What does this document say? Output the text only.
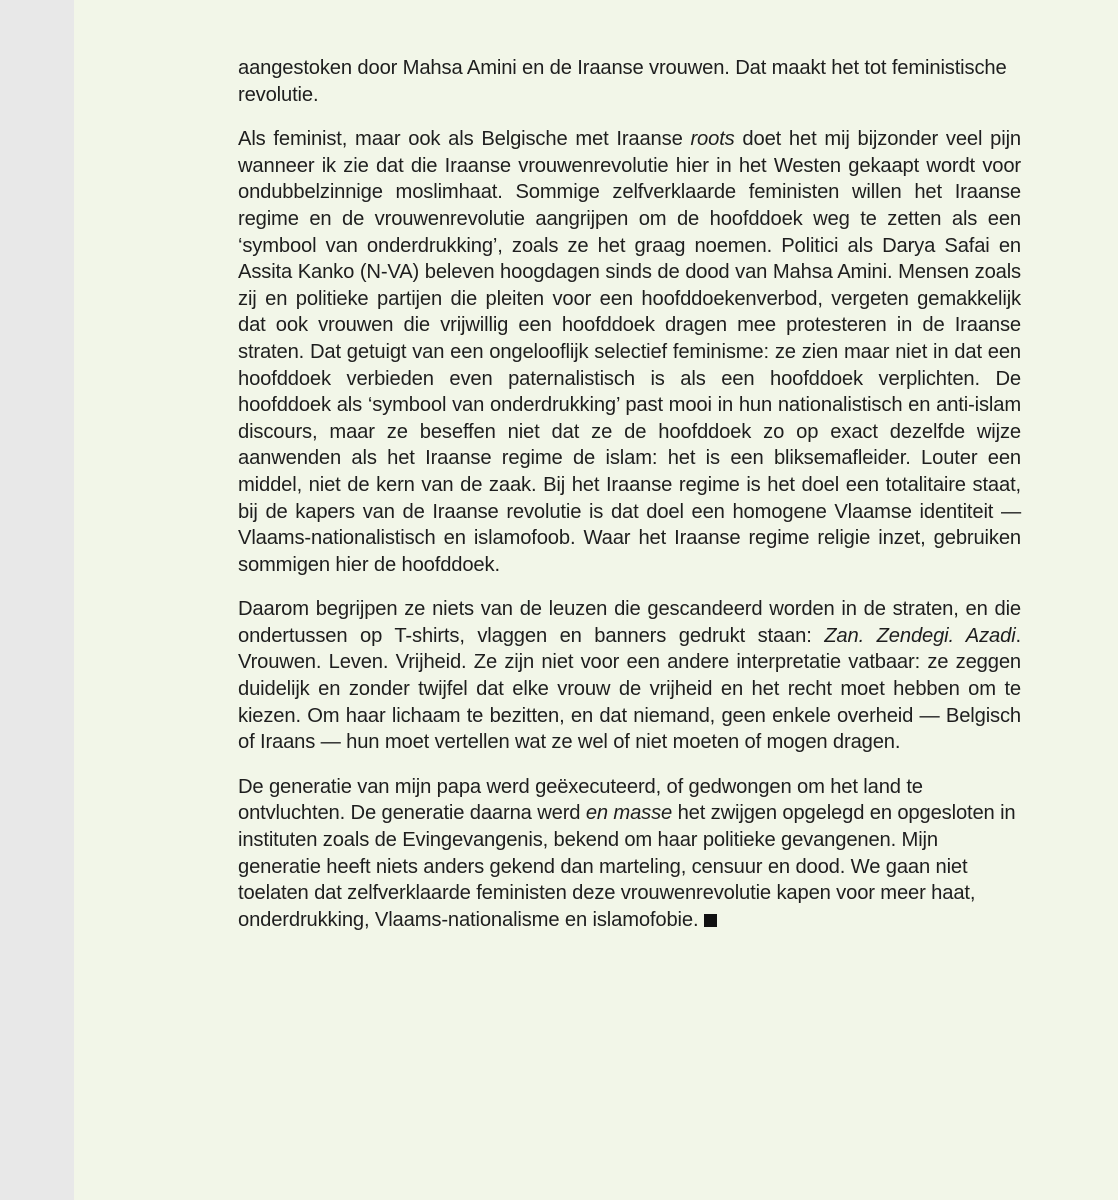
aangestoken door Mahsa Amini en de Iraanse vrouwen. Dat maakt het tot feministische revolutie.

Als feminist, maar ook als Belgische met Iraanse roots doet het mij bijzonder veel pijn wanneer ik zie dat die Iraanse vrouwenrevolutie hier in het Westen gekaapt wordt voor ondubbelzinnige moslimhaat. Sommige zelfverklaarde feministen willen het Iraanse regime en de vrouwenrevolutie aangrijpen om de hoofddoek weg te zetten als een ‘symbool van onderdrukking’, zoals ze het graag noemen. Politici als Darya Safai en Assita Kanko (N-VA) beleven hoogdagen sinds de dood van Mahsa Amini. Mensen zoals zij en politieke partijen die pleiten voor een hoofddoekenverbod, vergeten gemakkelijk dat ook vrouwen die vrijwillig een hoofddoek dragen mee protesteren in de Iraanse straten. Dat getuigt van een ongelooflijk selectief feminisme: ze zien maar niet in dat een hoofddoek verbieden even paternalistisch is als een hoofddoek verplichten. De hoofddoek als ‘symbool van onderdrukking’ past mooi in hun nationalistisch en anti-islam discours, maar ze beseffen niet dat ze de hoofddoek zo op exact dezelfde wijze aanwenden als het Iraanse regime de islam: het is een bliksemafleider. Louter een middel, niet de kern van de zaak. Bij het Iraanse regime is het doel een totalitaire staat, bij de kapers van de Iraanse revolutie is dat doel een homogene Vlaamse identiteit — Vlaams-nationalistisch en islamofoob. Waar het Iraanse regime religie inzet, gebruiken sommigen hier de hoofddoek.

Daarom begrijpen ze niets van de leuzen die gescandeerd worden in de straten, en die ondertussen op T-shirts, vlaggen en banners gedrukt staan: Zan. Zendegi. Azadi. Vrouwen. Leven. Vrijheid. Ze zijn niet voor een andere interpretatie vatbaar: ze zeggen duidelijk en zonder twijfel dat elke vrouw de vrijheid en het recht moet hebben om te kiezen. Om haar lichaam te bezitten, en dat niemand, geen enkele overheid — Belgisch of Iraans — hun moet vertellen wat ze wel of niet moeten of mogen dragen.

De generatie van mijn papa werd geëxecuteerd, of gedwongen om het land te ontvluchten. De generatie daarna werd en masse het zwijgen opgelegd en opgesloten in instituten zoals de Evingevangenis, bekend om haar politieke gevangenen. Mijn generatie heeft niets anders gekend dan marteling, censuur en dood. We gaan niet toelaten dat zelfverklaarde feministen deze vrouwenrevolutie kapen voor meer haat, onderdrukking, Vlaams-nationalisme en islamofobie.
